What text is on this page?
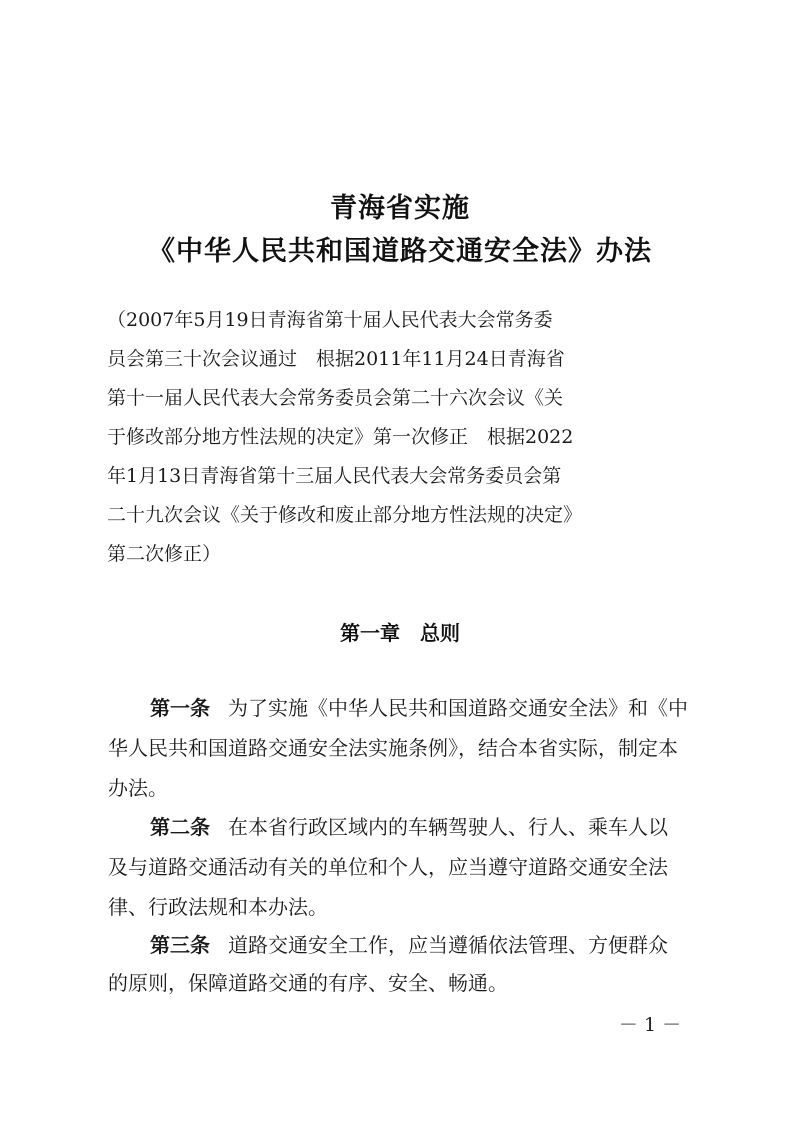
青海省实施
《中华人民共和国道路交通安全法》办法
（2007年5月19日青海省第十届人民代表大会常务委
员会第三十次会议通过　根据2011年11月24日青海省
第十一届人民代表大会常务委员会第二十六次会议《关
于修改部分地方性法规的决定》第一次修正　根据2022
年1月13日青海省第十三届人民代表大会常务委员会第
二十九次会议《关于修改和废止部分地方性法规的决定》
第二次修正）
第一章　总则
第一条 为了实施《中华人民共和国道路交通安全法》和《中
华人民共和国道路交通安全法实施条例》，结合本省实际，制定本
办法。
第二条 在本省行政区域内的车辆驾驶人、行人、乘车人以
及与道路交通活动有关的单位和个人，应当遵守道路交通安全法
律、行政法规和本办法。
第三条 道路交通安全工作，应当遵循依法管理、方便群众
的原则，保障道路交通的有序、安全、畅通。
－ 1 －
